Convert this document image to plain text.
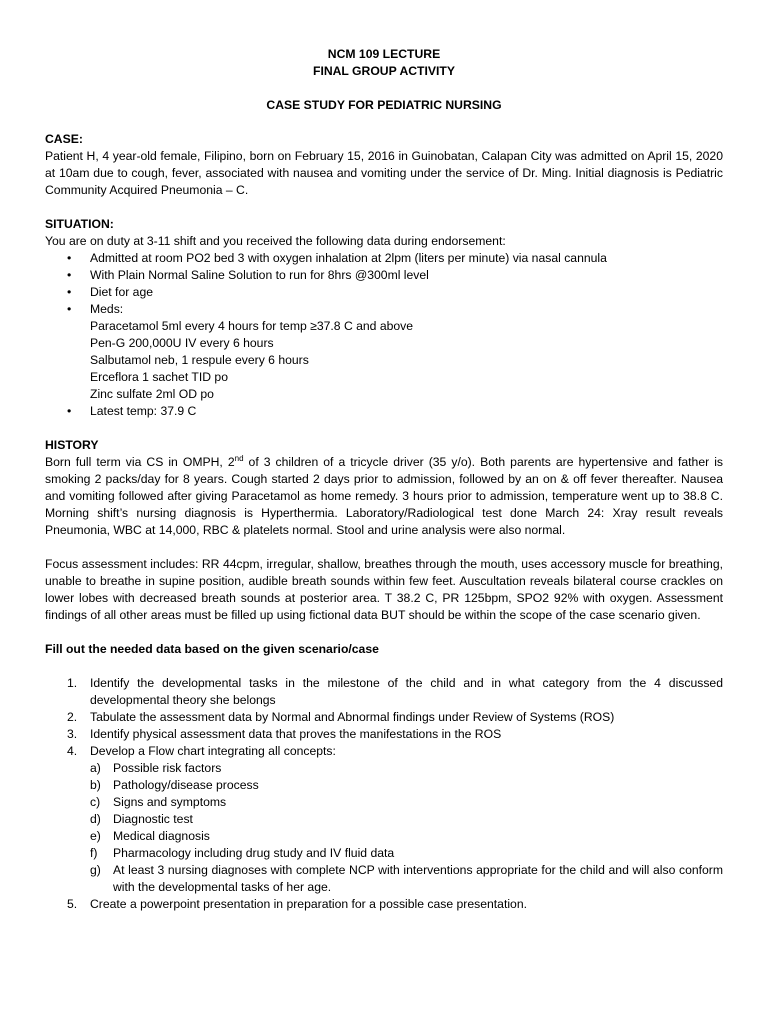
NCM 109 LECTURE
FINAL GROUP ACTIVITY
CASE STUDY FOR PEDIATRIC NURSING
CASE:
Patient H, 4 year-old female, Filipino, born on February 15, 2016 in Guinobatan, Calapan City was admitted on April 15, 2020 at 10am due to cough, fever, associated with nausea and vomiting under the service of Dr. Ming. Initial diagnosis is Pediatric Community Acquired Pneumonia – C.
SITUATION:
You are on duty at 3-11 shift and you received the following data during endorsement:
• Admitted at room PO2 bed 3 with oxygen inhalation at 2lpm (liters per minute) via nasal cannula
• With Plain Normal Saline Solution to run for 8hrs @300ml level
• Diet for age
• Meds:
Paracetamol 5ml every 4 hours for temp ≥37.8 C and above
Pen-G 200,000U IV every 6 hours
Salbutamol neb, 1 respule every 6 hours
Erceflora 1 sachet TID po
Zinc sulfate 2ml OD po
• Latest temp: 37.9 C
HISTORY
Born full term via CS in OMPH, 2nd of 3 children of a tricycle driver (35 y/o). Both parents are hypertensive and father is smoking 2 packs/day for 8 years. Cough started 2 days prior to admission, followed by an on & off fever thereafter. Nausea and vomiting followed after giving Paracetamol as home remedy. 3 hours prior to admission, temperature went up to 38.8 C. Morning shift’s nursing diagnosis is Hyperthermia. Laboratory/Radiological test done March 24: Xray result reveals Pneumonia, WBC at 14,000, RBC & platelets normal. Stool and urine analysis were also normal.
Focus assessment includes: RR 44cpm, irregular, shallow, breathes through the mouth, uses accessory muscle for breathing, unable to breathe in supine position, audible breath sounds within few feet. Auscultation reveals bilateral course crackles on lower lobes with decreased breath sounds at posterior area. T 38.2 C, PR 125bpm, SPO2 92% with oxygen. Assessment findings of all other areas must be filled up using fictional data BUT should be within the scope of the case scenario given.
Fill out the needed data based on the given scenario/case
1. Identify the developmental tasks in the milestone of the child and in what category from the 4 discussed developmental theory she belongs
2. Tabulate the assessment data by Normal and Abnormal findings under Review of Systems (ROS)
3. Identify physical assessment data that proves the manifestations in the ROS
4. Develop a Flow chart integrating all concepts:
a) Possible risk factors
b) Pathology/disease process
c) Signs and symptoms
d) Diagnostic test
e) Medical diagnosis
f) Pharmacology including drug study and IV fluid data
g) At least 3 nursing diagnoses with complete NCP with interventions appropriate for the child and will also conform with the developmental tasks of her age.
5. Create a powerpoint presentation in preparation for a possible case presentation.
